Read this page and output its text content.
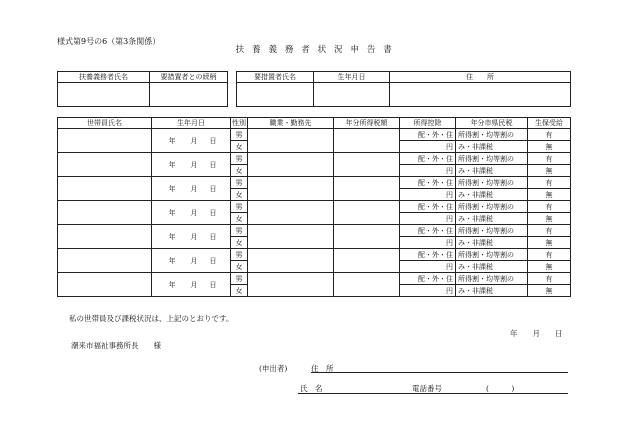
様式第9号の6（第3条関係）
扶 養 義 務 者 状 況 申 告 書
扶養義務者氏名	要措置者との続柄
		要措置者氏名	生年月日	住　　所

世帯員氏名	生年月日	性別	職業・勤務先	年分所得税額	所得控除	年分市県民税	生保受給
	年 月 日	男			配・外・住	所得割・均等割の	有
		女			円	み・非課税	無
	年 月 日	男			配・外・住	所得割・均等割の	有
		女			円	み・非課税	無
	年 月 日	男			配・外・住	所得割・均等割の	有
		女			円	み・非課税	無
	年 月 日	男			配・外・住	所得割・均等割の	有
		女			円	み・非課税	無
	年 月 日	男			配・外・住	所得割・均等割の	有
		女			円	み・非課税	無
	年 月 日	男			配・外・住	所得割・均等割の	有
		女			円	み・非課税	無
	年 月 日	男			配・外・住	所得割・均等割の	有
		女			円	み・非課税	無
私の世帯員及び課税状況は、上記のとおりです。
年　　月　　日
潮来市福祉事務所長　　様
(申出者)	住　所
氏　名	電話番号	(　　　)
